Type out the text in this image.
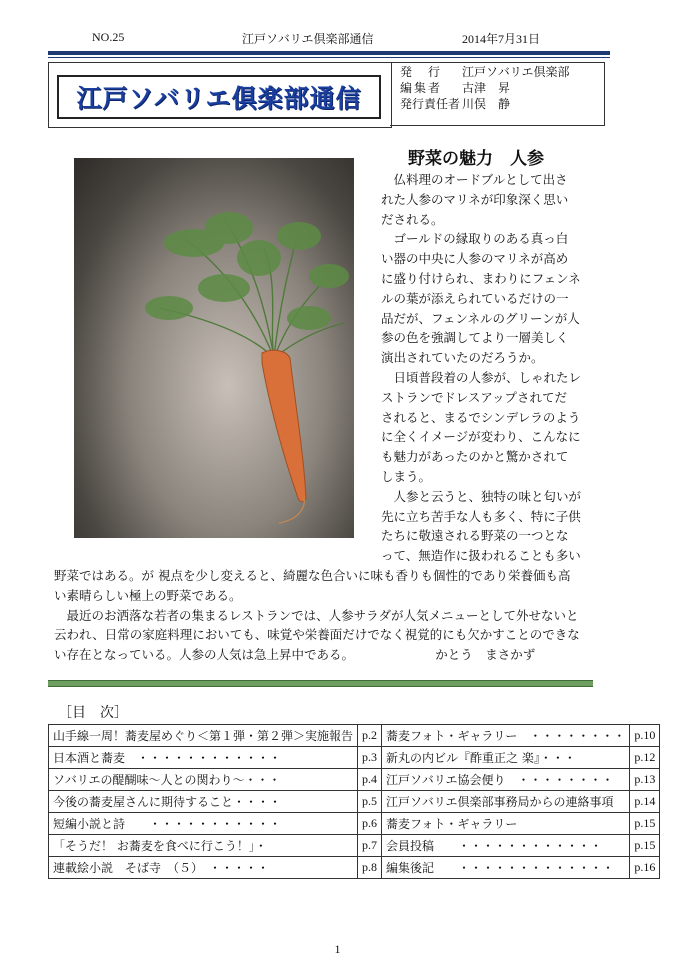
NO.25	江戸ソバリエ倶楽部通信	2014年7月31日
江戸ソバリエ倶楽部通信
発　行 江戸ソバリエ倶楽部
編集者 古津　昇
発行責任者 川俣　静
野菜の魅力　人参
　仏料理のオードブルとして出さ
れた人参のマリネが印象深く思い
だされる。
　ゴールドの縁取りのある真っ白
い器の中央に人参のマリネが高め
に盛り付けられ、まわりにフェンネ
ルの葉が添えられているだけの一
品だが、フェンネルのグリーンが人
参の色を強調してより一層美しく
演出されていたのだろうか。
　日頃普段着の人参が、しゃれたレ
ストランでドレスアップされてだ
されると、まるでシンデレラのよう
に全くイメージが変わり、こんなに
も魅力があったのかと驚かされて
しまう。
　人参と云うと、独特の味と匂いが
先に立ち苦手な人も多く、特に子供
たちに敬遠される野菜の一つとな
って、無造作に扱われることも多い
野菜ではある。が 視点を少し変えると、綺麗な色合いに味も香りも個性的であり栄養価も高
い素晴らしい極上の野菜である。
　最近のお洒落な若者の集まるレストランでは、人参サラダが人気メニューとして外せないと
云われ、日常の家庭料理においても、味覚や栄養面だけでなく視覚的にも欠かすことのできな
い存在となっている。人参の人気は急上昇中である。　　　　　　　かとう　まさかず
［目　次］
山手線一周！蕎麦屋めぐり＜第１弾・第２弾＞実施報告	p.2	蕎麦フォト・ギャラリー　・・・・・・・・	p.10
日本酒と蕎麦　・・・・・・・・・・・・	p.3	新丸の内ビル『酢重正之 楽』・・・	p.12
ソバリエの醍醐味～人との関わり～・・・	p.4	江戸ソバリエ協会便り　・・・・・・・・	p.13
今後の蕎麦屋さんに期待すること・・・・	p.5	江戸ソバリエ倶楽部事務局からの連絡事項	p.14
短編小説と詩　　・・・・・・・・・・・	p.6	蕎麦フォト・ギャラリー	p.15
「そうだ！ お蕎麦を食べに行こう！」・	p.7	会員投稿　　・・・・・・・・・・・・	p.15
連載絵小説　そば寺　（５）　・・・・・	p.8	編集後記　　・・・・・・・・・・・・・	p.16
1
